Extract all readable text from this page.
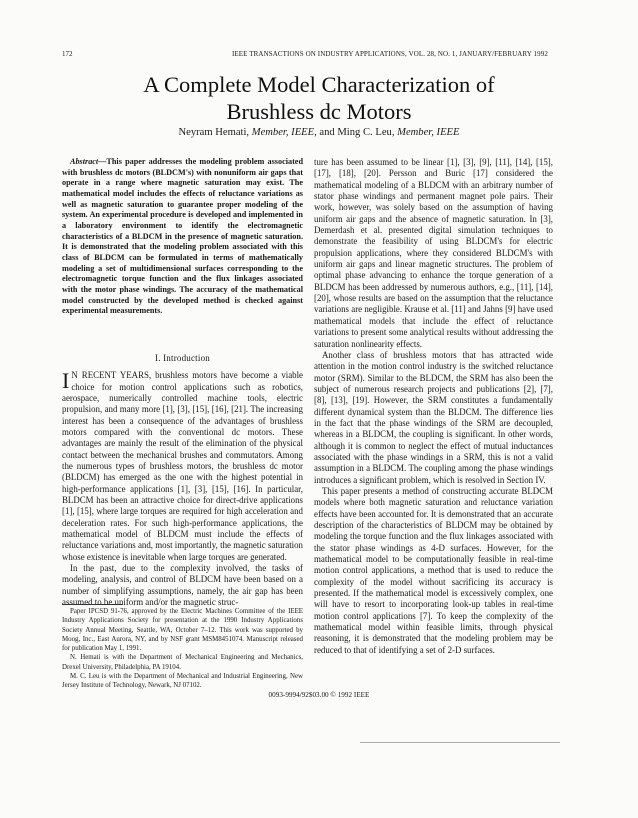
172	IEEE TRANSACTIONS ON INDUSTRY APPLICATIONS, VOL. 28, NO. 1, JANUARY/FEBRUARY 1992
A Complete Model Characterization of
Brushless dc Motors
Neyram Hemati, Member, IEEE, and Ming C. Leu, Member, IEEE

Abstract—This paper addresses the modeling problem associated with brushless dc motors (BLDCM's) with nonuniform air gaps that operate in a range where magnetic saturation may exist. The mathematical model includes the effects of reluctance variations as well as magnetic saturation to guarantee proper modeling of the system. An experimental procedure is developed and implemented in a laboratory environment to identify the electromagnetic characteristics of a BLDCM in the presence of magnetic saturation. It is demonstrated that the modeling problem associated with this class of BLDCM can be formulated in terms of mathematically modeling a set of multidimensional surfaces corresponding to the electromagnetic torque function and the flux linkages associated with the motor phase windings. The accuracy of the mathematical model constructed by the developed method is checked against experimental measurements.

I. Introduction

I N RECENT YEARS, brushless motors have become a viable choice for motion control applications such as robotics, aerospace, numerically controlled machine tools, electric propulsion, and many more [1], [3], [15], [16], [21]. The increasing interest has been a consequence of the advantages of brushless motors compared with the conventional dc motors. These advantages are mainly the result of the elimination of the physical contact between the mechanical brushes and commutators. Among the numerous types of brushless motors, the brushless dc motor (BLDCM) has emerged as the one with the highest potential in high-performance applications [1], [3], [15], [16]. In particular, BLDCM has been an attractive choice for direct-drive applications [1], [15], where large torques are required for high acceleration and deceleration rates. For such high-performance applications, the mathematical model of BLDCM must include the effects of reluctance variations and, most importantly, the magnetic saturation whose existence is inevitable when large torques are generated.

In the past, due to the complexity involved, the tasks of modeling, analysis, and control of BLDCM have been based on a number of simplifying assumptions, namely, the air gap has been assumed to be uniform and/or the magnetic struc-

Paper IPCSD 91-76, approved by the Electric Machines Committee of the IEEE Industry Applications Society for presentation at the 1990 Industry Applications Society Annual Meeting, Seattle, WA, October 7–12. This work was supported by Moog, Inc., East Aurora, NY, and by NSF grant MSM8451074. Manuscript released for publication May 1, 1991.

N. Hemati is with the Department of Mechanical Engineering and Mechanics, Drexel University, Philadelphia, PA 19104.

M. C. Leu is with the Department of Mechanical and Industrial Engineering, New Jersey Institute of Technology, Newark, NJ 07102.

ture has been assumed to be linear [1], [3], [9], [11], [14], [15], [17], [18], [20]. Persson and Buric [17] considered the mathematical modeling of a BLDCM with an arbitrary number of stator phase windings and permanent magnet pole pairs. Their work, however, was solely based on the assumption of having uniform air gaps and the absence of magnetic saturation. In [3], Demerdash et al. presented digital simulation techniques to demonstrate the feasibility of using BLDCM's for electric propulsion applications, where they considered BLDCM's with uniform air gaps and linear magnetic structures. The problem of optimal phase advancing to enhance the torque generation of a BLDCM has been addressed by numerous authors, e.g., [11], [14], [20], whose results are based on the assumption that the reluctance variations are negligible. Krause et al. [11] and Jahns [9] have used mathematical models that include the effect of reluctance variations to present some analytical results without addressing the saturation nonlinearity effects.

Another class of brushless motors that has attracted wide attention in the motion control industry is the switched reluctance motor (SRM). Similar to the BLDCM, the SRM has also been the subject of numerous research projects and publications [2], [7], [8], [13], [19]. However, the SRM constitutes a fundamentally different dynamical system than the BLDCM. The difference lies in the fact that the phase windings of the SRM are decoupled, whereas in a BLDCM, the coupling is significant. In other words, although it is common to neglect the effect of mutual inductances associated with the phase windings in a SRM, this is not a valid assumption in a BLDCM. The coupling among the phase windings introduces a significant problem, which is resolved in Section IV.

This paper presents a method of constructing accurate BLDCM models where both magnetic saturation and reluctance variation effects have been accounted for. It is demonstrated that an accurate description of the characteristics of BLDCM may be obtained by modeling the torque function and the flux linkages associated with the stator phase windings as 4-D surfaces. However, for the mathematical model to be computationally feasible in real-time motion control applications, a method that is used to reduce the complexity of the model without sacrificing its accuracy is presented. If the mathematical model is excessively complex, one will have to resort to incorporating look-up tables in real-time motion control applications [7]. To keep the complexity of the mathematical model within feasible limits, through physical reasoning, it is demonstrated that the modeling problem may be reduced to that of identifying a set of 2-D surfaces.

0093-9994/92$03.00 © 1992 IEEE
